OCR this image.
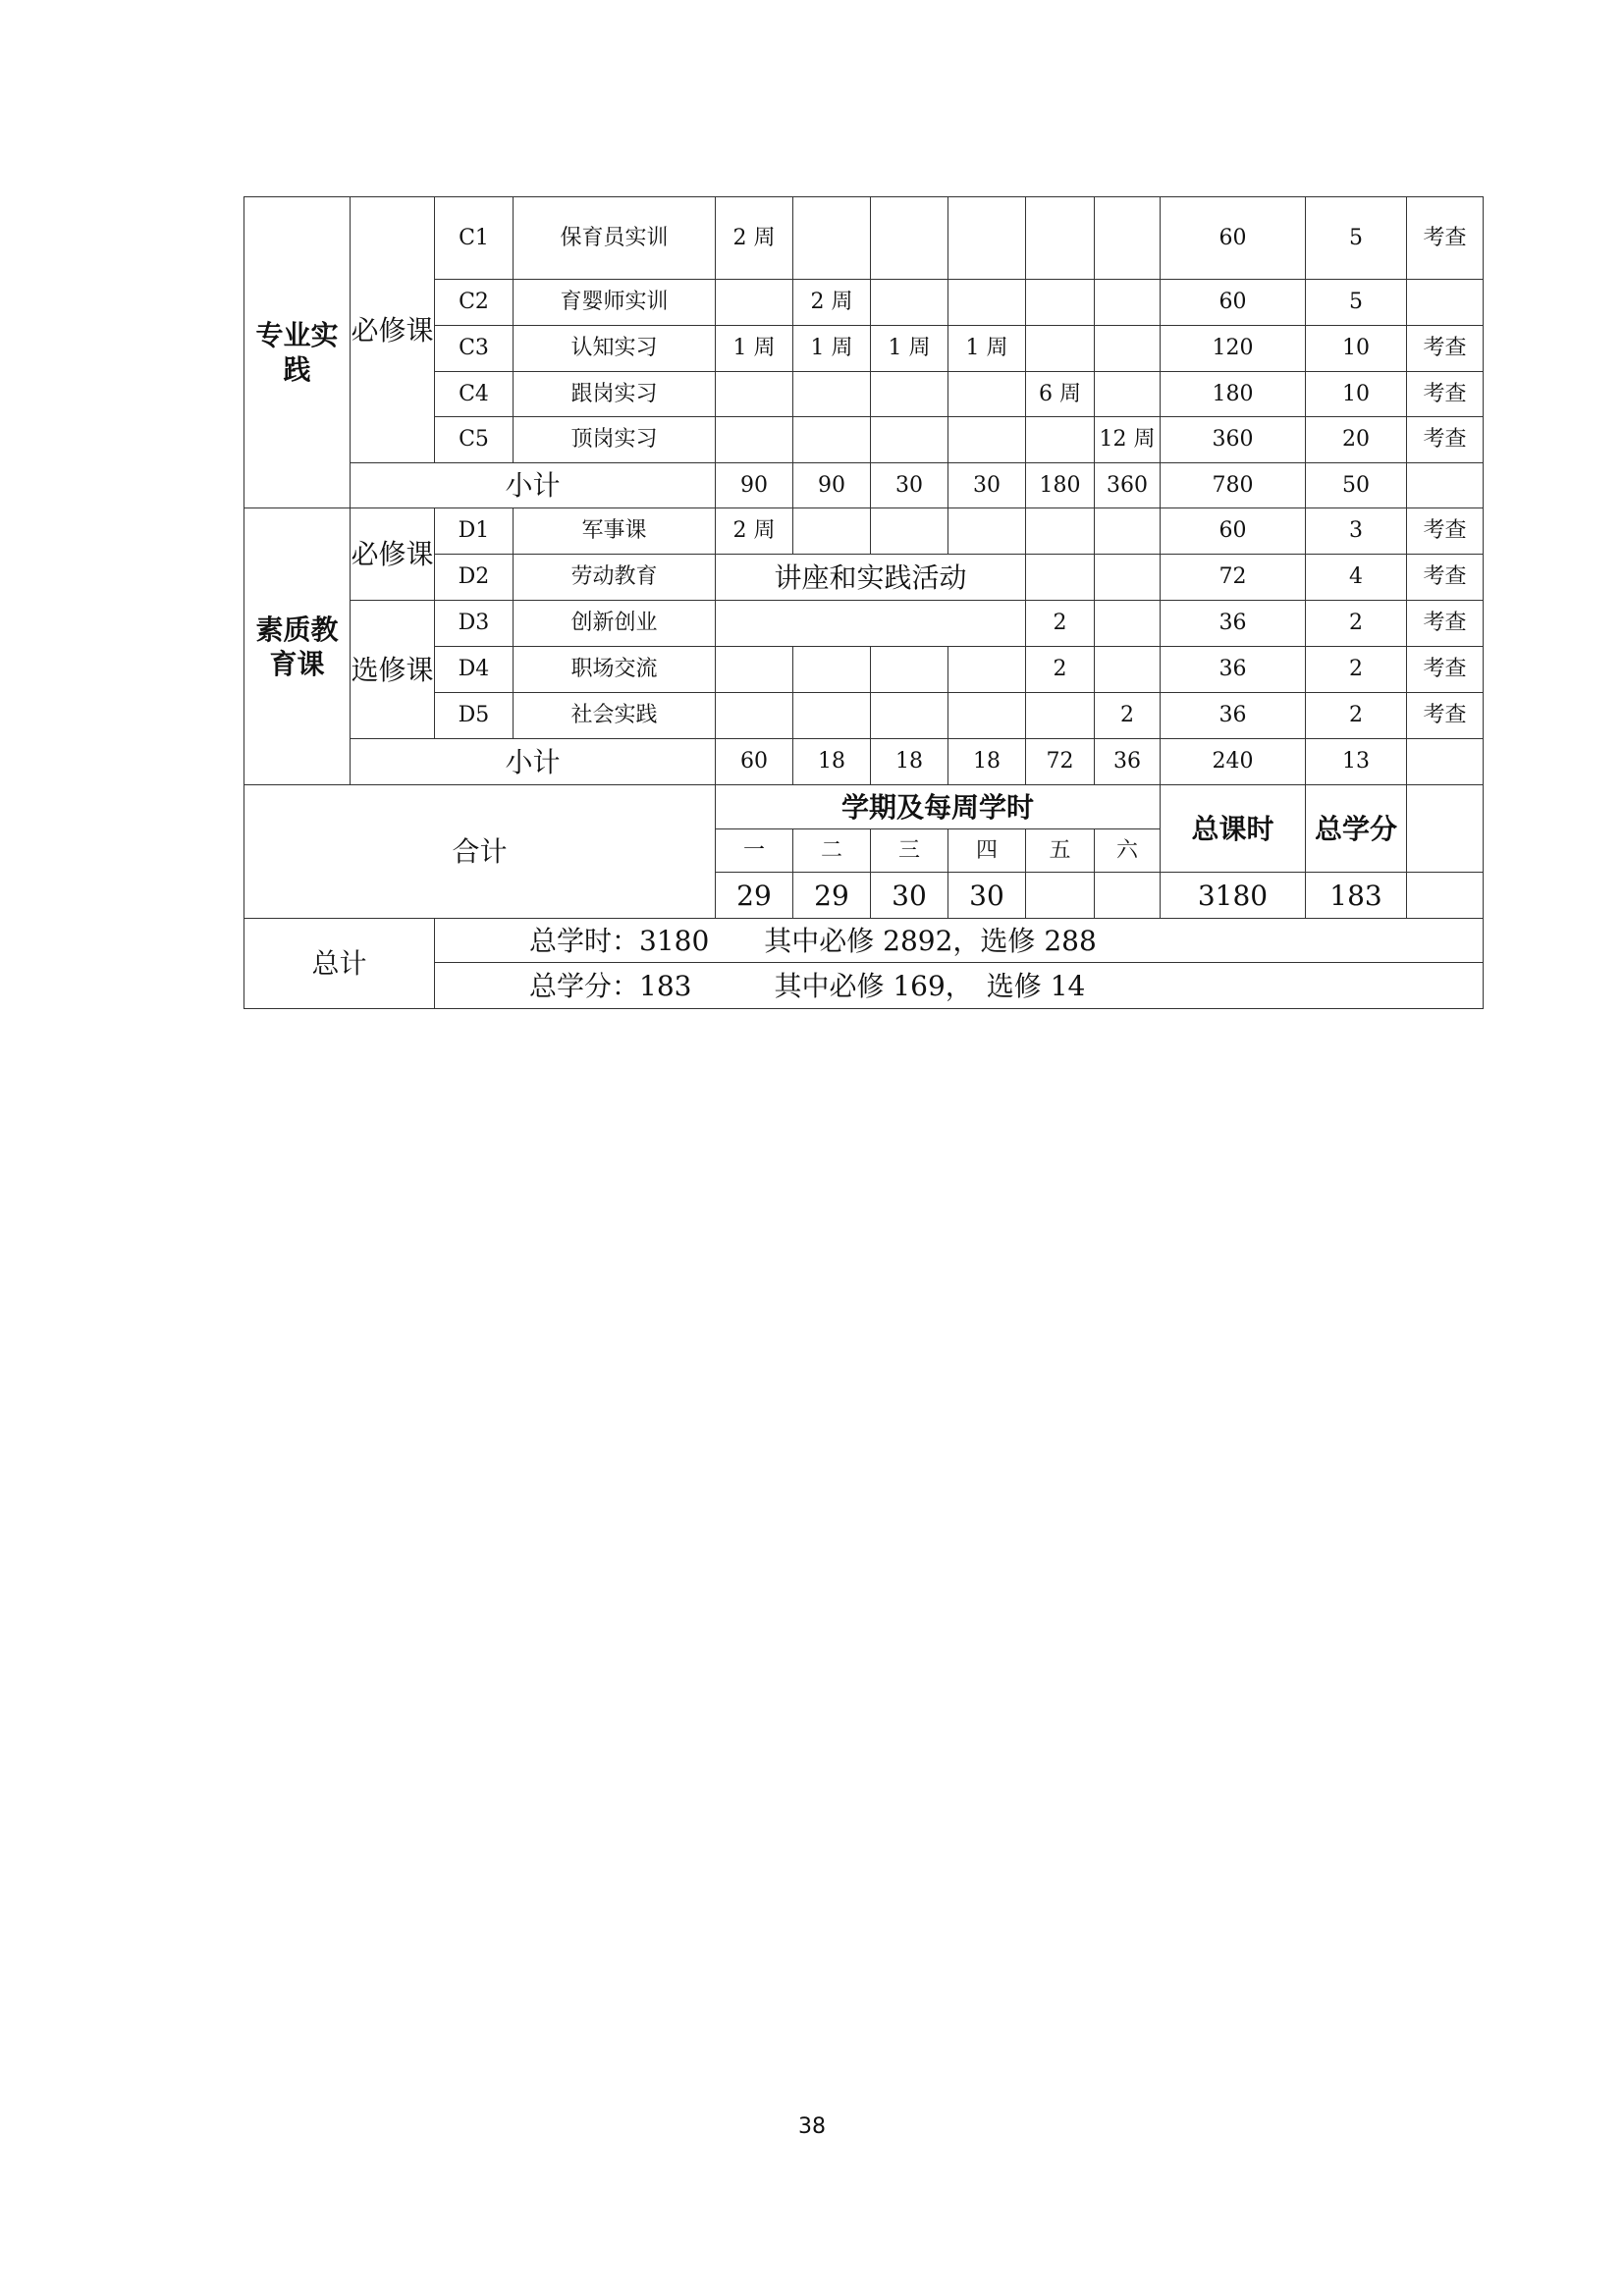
专业实践	必修课	C1	保育员实训	2 周						60	5	考查
		C2	育婴师实训		2 周					60	5	
		C3	认知实习	1 周	1 周	1 周	1 周			120	10	考查
		C4	跟岗实习					6 周		180	10	考查
		C5	顶岗实习						12 周	360	20	考查
	小计			90	90	30	30	180	360	780	50	
素质教育课	必修课	D1	军事课	2 周						60	3	考查
		D2	劳动教育	讲座和实践活动						72	4	考查
	选修课	D3	创新创业					2		36	2	考查
		D4	职场交流					2		36	2	考查
		D5	社会实践						2	36	2	考查
	小计			60	18	18	18	72	36	240	13	
合计				学期及每周学时						总课时	总学分	
				一	二	三	四	五	六			
				29	29	30	30			3180	183	
总计		总学时：3180　　其中必修 2892，选修 288										
		总学分：183　　　其中必修 169，　选修 14										
38
